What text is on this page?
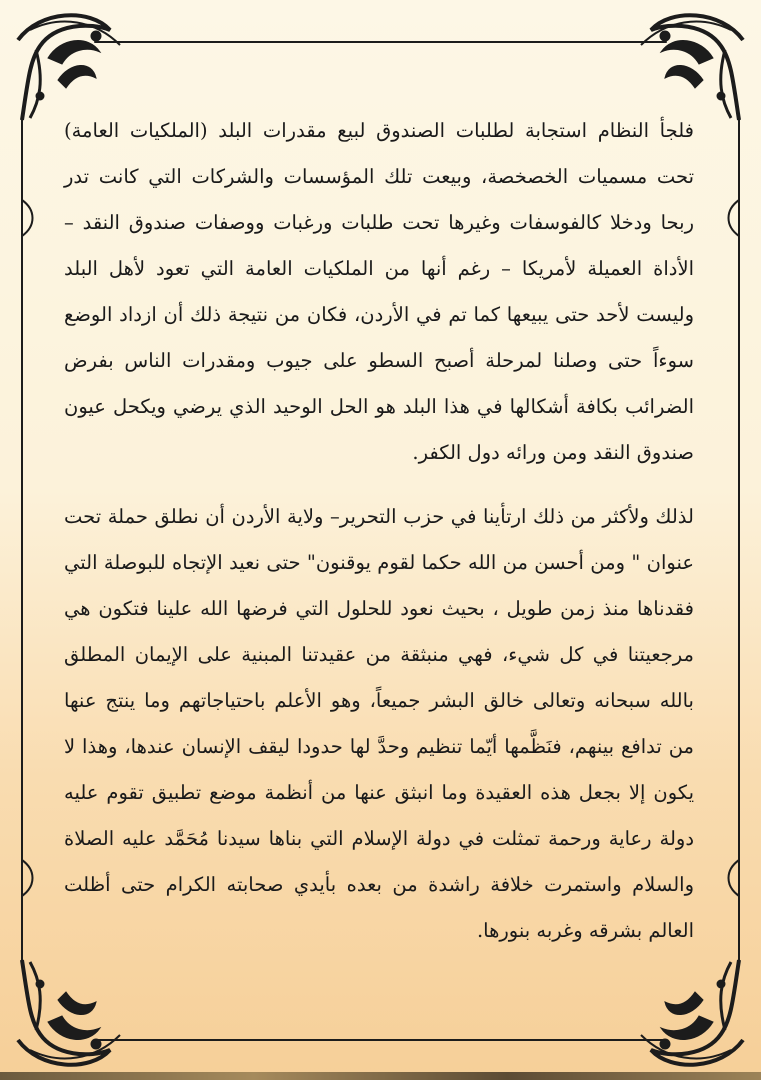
فلجأ النظام استجابة لطلبات الصندوق لبيع مقدرات البلد (الملكيات العامة) تحت مسميات الخصخصة، وبيعت تلك المؤسسات والشركات التي كانت تدر ربحا ودخلا كالفوسفات وغيرها تحت طلبات ورغبات ووصفات صندوق النقد –الأداة العميلة لأمريكا – رغم أنها من الملكيات العامة التي تعود لأهل البلد وليست لأحد حتى يبيعها كما تم في الأردن، فكان من نتيجة ذلك أن ازداد الوضع سوءاً حتى وصلنا لمرحلة أصبح السطو على جيوب ومقدرات الناس بفرض الضرائب بكافة أشكالها في هذا البلد هو الحل الوحيد الذي يرضي ويكحل عيون صندوق النقد ومن ورائه دول الكفر.

لذلك ولأكثر من ذلك ارتأينا في حزب التحرير– ولاية الأردن أن نطلق حملة تحت عنوان " ومن أحسن من الله حكما لقوم يوقنون" حتى نعيد الإتجاه للبوصلة التي فقدناها منذ زمن طويل ، بحيث نعود للحلول التي فرضها الله علينا فتكون هي مرجعيتنا في كل شيء، فهي منبثقة من عقيدتنا المبنية على الإيمان المطلق بالله سبحانه وتعالى خالق البشر جميعاً، وهو الأعلم باحتياجاتهم وما ينتج عنها من تدافع بينهم، فنَظَّمها أيّما تنظيم وحدَّ لها حدودا ليقف الإنسان عندها، وهذا لا يكون إلا بجعل هذه العقيدة وما انبثق عنها من أنظمة موضع تطبيق تقوم عليه دولة رعاية ورحمة تمثلت في دولة الإسلام التي بناها سيدنا مُحَمَّد عليه الصلاة والسلام واستمرت خلافة راشدة من بعده بأيدي صحابته الكرام حتى أظلت العالم بشرقه وغربه بنورها.
